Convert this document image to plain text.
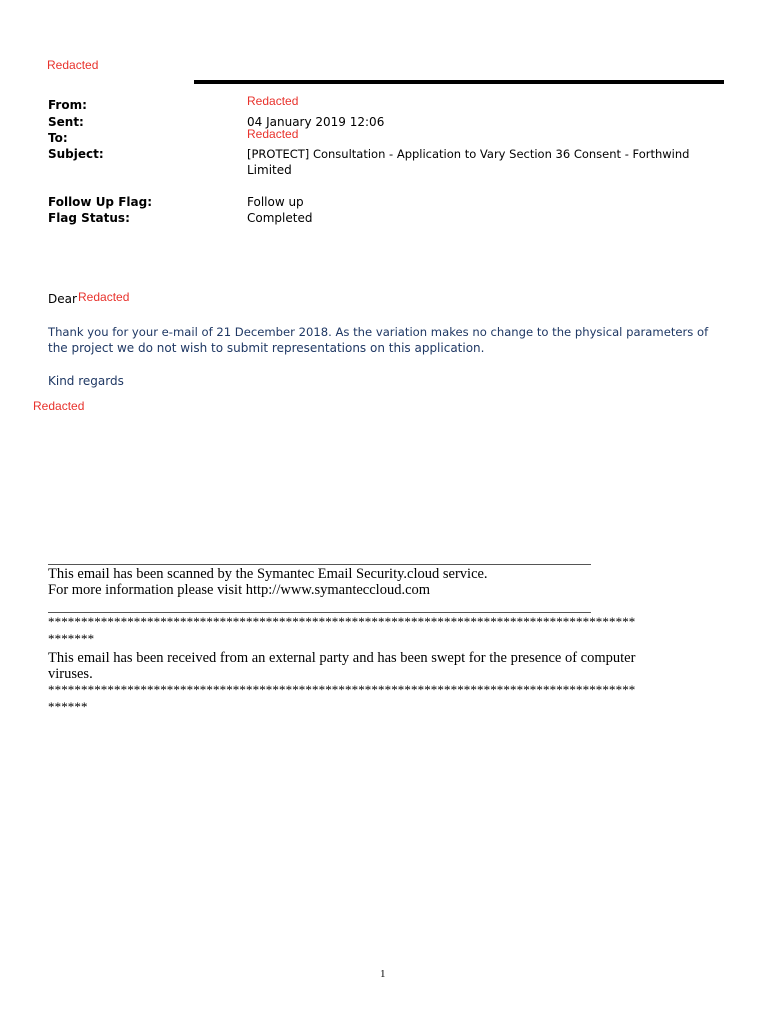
Redacted
From:	Redacted
Sent:	04 January 2019 12:06
To:	Redacted
Subject:	[PROTECT] Consultation - Application to Vary Section 36 Consent - Forthwind
Limited
Follow Up Flag:	Follow up
Flag Status:	Completed
Dear Redacted
Thank you for your e-mail of 21 December 2018. As the variation makes no change to the physical parameters of
the project we do not wish to submit representations on this application.
Kind regards
Redacted
This email has been scanned by the Symantec Email Security.cloud service.
For more information please visit http://www.symanteccloud.com
*****************************************************************************************
*******
This email has been received from an external party and has been swept for the presence of computer
viruses.
*****************************************************************************************
******
1
